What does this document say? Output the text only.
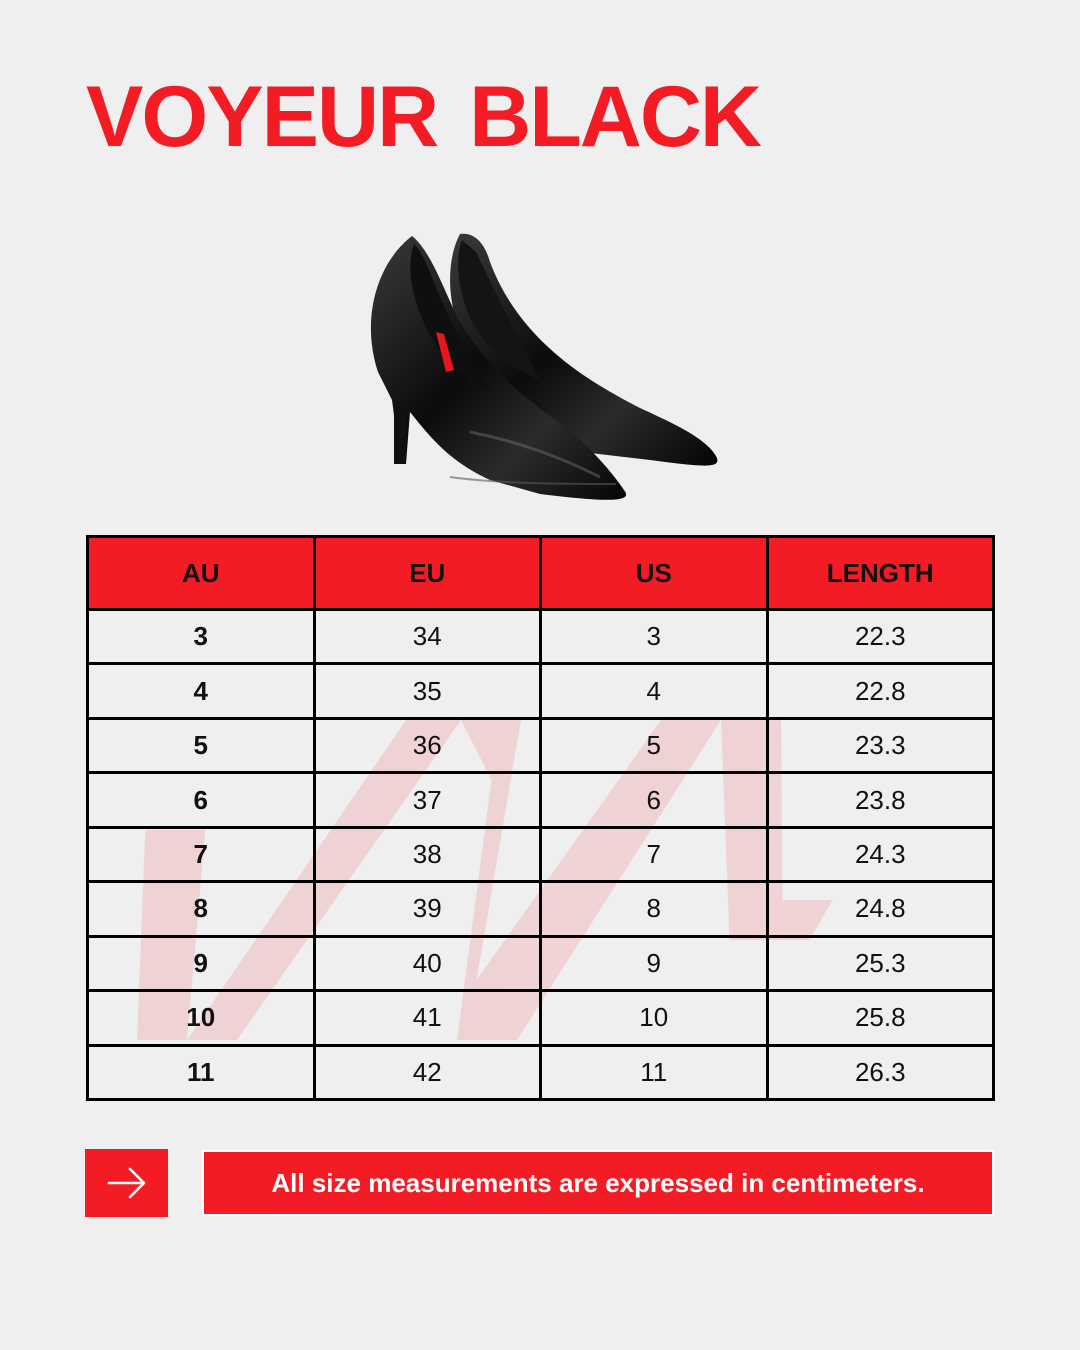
VOYEUR BLACK
AU	EU	US	LENGTH
3	34	3	22.3
4	35	4	22.8
5	36	5	23.3
6	37	6	23.8
7	38	7	24.3
8	39	8	24.8
9	40	9	25.3
10	41	10	25.8
11	42	11	26.3
All size measurements are expressed in centimeters.
